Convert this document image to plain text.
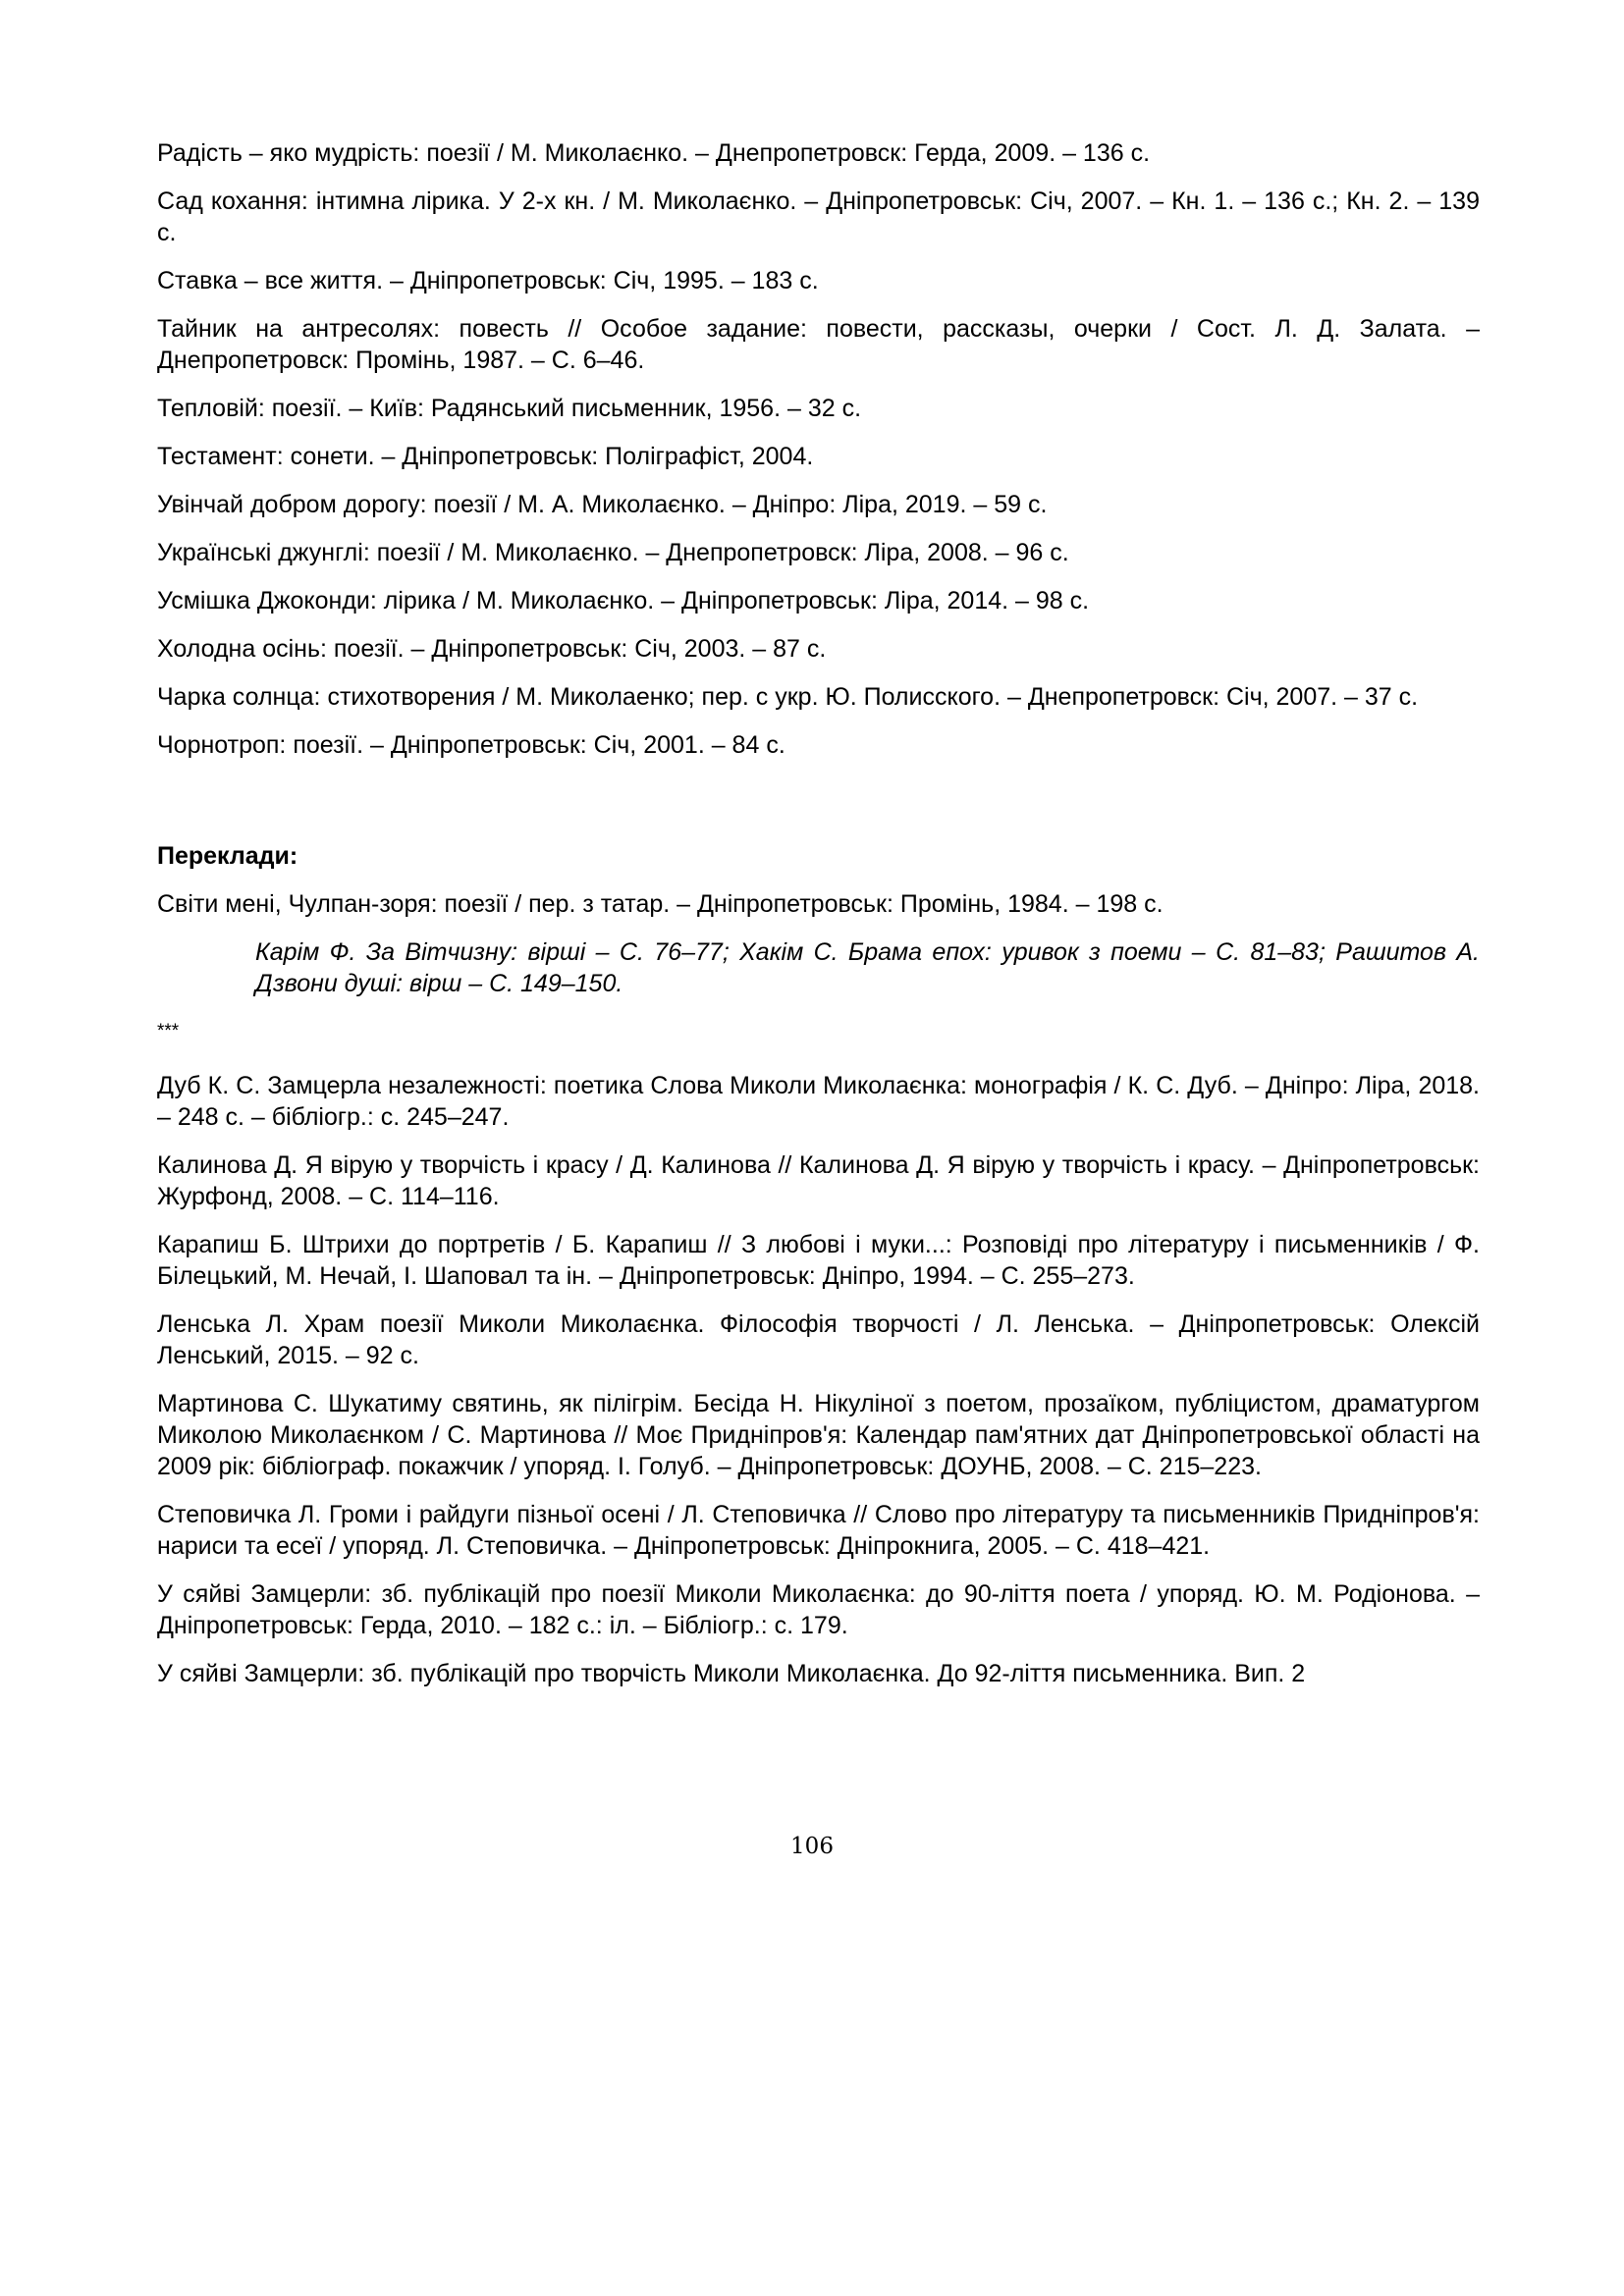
Радість – яко мудрість: поезії / М. Миколаєнко. – Днепропетровск: Герда, 2009. – 136 с.

Сад кохання: інтимна лірика. У 2-х кн. / М. Миколаєнко. – Дніпропетровськ: Січ, 2007. – Кн. 1. – 136 с.; Кн. 2. – 139 с.

Ставка – все життя. – Дніпропетровськ: Січ, 1995. – 183 с.

Тайник на антресолях: повесть // Особое задание: повести, рассказы, очерки / Сост. Л. Д. Залата. – Днепропетровск: Промінь, 1987. – С. 6–46.

Тепловій: поезії. – Київ: Радянський письменник, 1956. – 32 с.

Тестамент: сонети. – Дніпропетровськ: Поліграфіст, 2004.

Увінчай добром дорогу: поезії / М. А. Миколаєнко. – Дніпро: Ліра, 2019. – 59 с.

Українські джунглі: поезії / М. Миколаєнко. – Днепропетровск: Ліра, 2008. – 96 с.

Усмішка Джоконди: лірика / М. Миколаєнко. – Дніпропетровськ: Ліра, 2014. – 98 с.

Холодна осінь: поезії. – Дніпропетровськ: Січ, 2003. – 87 с.

Чарка солнца: стихотворения / М. Миколаенко; пер. с укр. Ю. Полисского. – Днепропетровск: Січ, 2007. – 37 с.

Чорнотроп: поезії. – Дніпропетровськ: Січ, 2001. – 84 с.

Переклади:

Світи мені, Чулпан-зоря: поезії / пер. з татар. – Дніпропетровськ: Промінь, 1984. – 198 с.

Карім Ф. За Вітчизну: вірші – С. 76–77; Хакім С. Брама епох: уривок з поеми – С. 81–83; Рашитов А. Дзвони душі: вірш – С. 149–150.

***

Дуб К. С. Замцерла незалежності: поетика Слова Миколи Миколаєнка: монографія / К. С. Дуб. – Дніпро: Ліра, 2018. – 248 с. – бібліогр.: с. 245–247.

Калинова Д. Я вірую у творчість і красу / Д. Калинова // Калинова Д. Я вірую у творчість і красу. – Дніпропетровськ: Журфонд, 2008. – С. 114–116.

Карапиш Б. Штрихи до портретів / Б. Карапиш // З любові і муки...: Розповіді про літературу і письменників / Ф. Білецький, М. Нечай, І. Шаповал та ін. – Дніпропетровськ: Дніпро, 1994. – С. 255–273.

Ленська Л. Храм поезії Миколи Миколаєнка. Філософія творчості / Л. Ленська. – Дніпропетровськ: Олексій Ленський, 2015. – 92 с.

Мартинова С. Шукатиму святинь, як пілігрім. Бесіда Н. Нікуліної з поетом, прозаїком, публіцистом, драматургом Миколою Миколаєнком / С. Мартинова // Моє Придніпров'я: Календар пам'ятних дат Дніпропетровської області на 2009 рік: бібліограф. покажчик / упоряд. І. Голуб. – Дніпропетровськ: ДОУНБ, 2008. – С. 215–223.

Степовичка Л. Громи і райдуги пізньої осені / Л. Степовичка // Слово про літературу та письменників Придніпров'я: нариси та есеї / упоряд. Л. Степовичка. – Дніпропетровськ: Дніпрокнига, 2005. – С. 418–421.

У сяйві Замцерли: зб. публікацій про поезії Миколи Миколаєнка: до 90-ліття поета / упоряд. Ю. М. Родіонова. – Дніпропетровськ: Герда, 2010. – 182 с.: іл. – Бібліогр.: с. 179.

У сяйві Замцерли: зб. публікацій про творчість Миколи Миколаєнка. До 92-ліття письменника. Вип. 2

106
